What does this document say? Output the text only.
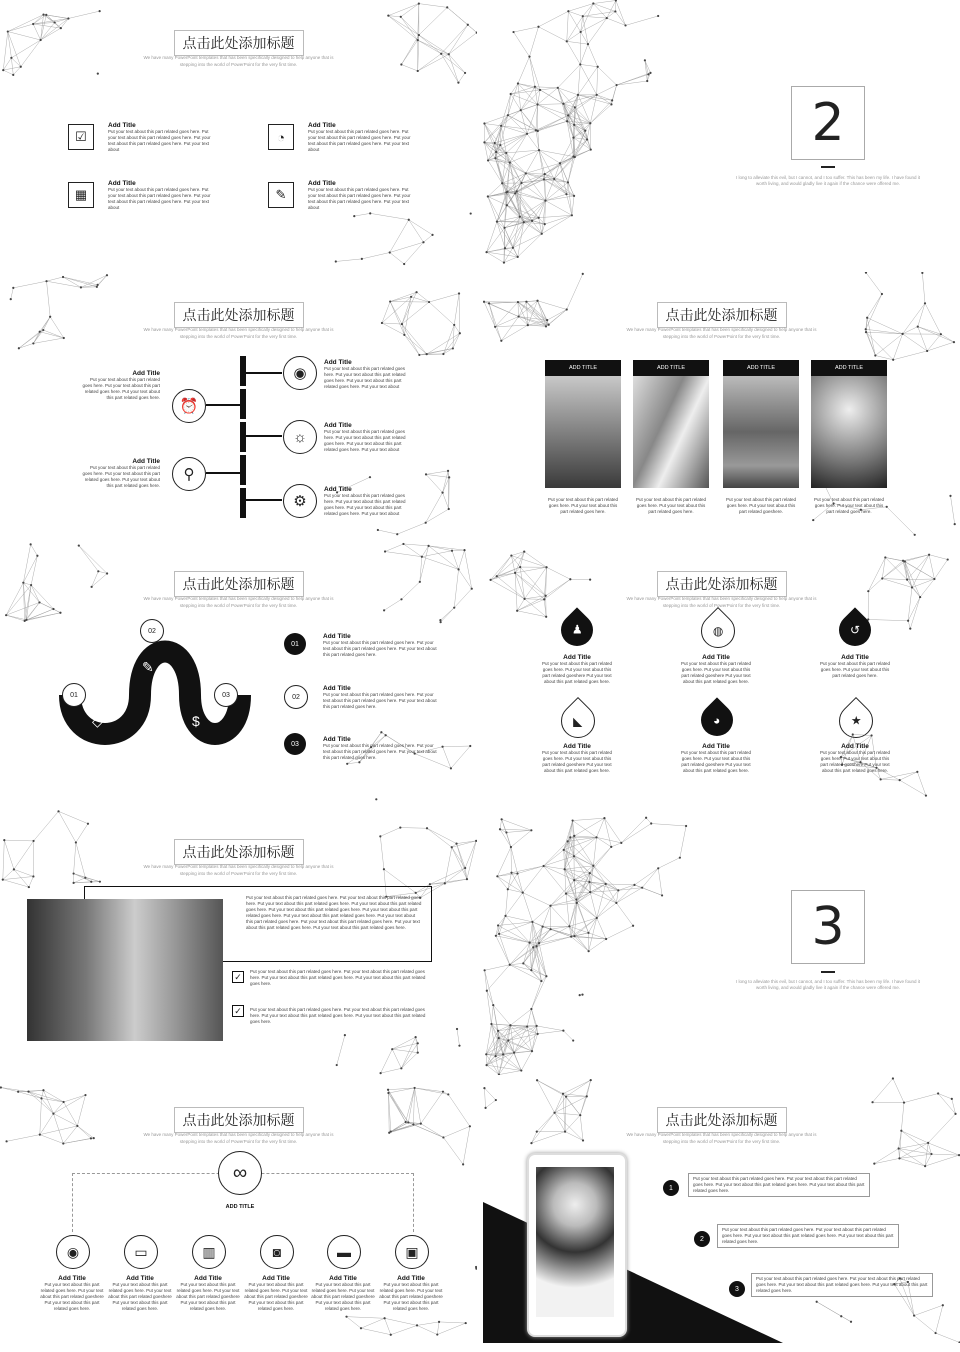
点击此处添加标题
We have many PowerPoint templates that has been specifically designed to help anyone that is stepping into the world of PowerPoint for the very first time.
☑
Add Title
Put your text about this part related goes here. Put your text about this part related goes here. Put your text about this part related goes here. Put your text about
◔
Add Title
Put your text about this part related goes here. Put your text about this part related goes here. Put your text about this part related goes here. Put your text about
▦
Add Title
Put your text about this part related goes here. Put your text about this part related goes here. Put your text about this part related goes here. Put your text about
✎
Add Title
Put your text about this part related goes here. Put your text about this part related goes here. Put your text about this part related goes here. Put your text about
2
I long to alleviate this evil, but I cannot, and I too suffer. This has been my life. I have found it worth living, and would gladly live it again if the chance were offered me.
点击此处添加标题
We have many PowerPoint templates that has been specifically designed to help anyone that is stepping into the world of PowerPoint for the very first time.
⏰
⚲
◉
☼
⚙
Add Title
Put your text about this part related goes here. Put your text about this part related goes here. Put your text about this part related goes here.
Add Title
Put your text about this part related goes here. Put your text about this part related goes here. Put your text about this part related goes here.
Add Title
Put your text about this part related goes here. Put your text about this part related goes here. Put your text about this part related goes here. Put your text about
Add Title
Put your text about this part related goes here. Put your text about this part related goes here. Put your text about this part related goes here. Put your text about
Add Title
Put your text about this part related goes here. Put your text about this part related goes here. Put your text about this part related goes here. Put your text about
点击此处添加标题
We have many PowerPoint templates that has been specifically designed to help anyone that is stepping into the world of PowerPoint for the very first time.
ADD TITLE
Put your text about this part related goes here. Put your text about this part related goes here.
ADD TITLE
Put your text about this part related goes here. Put your text about this part related goes here.
ADD TITLE
Put your text about this part related goes here. Put your text about this part related goeshere.
ADD TITLE
Put your text about this part related goes here. Put your text about this part related goes here.
点击此处添加标题
We have many PowerPoint templates that has been specifically designed to help anyone that is stepping into the world of PowerPoint for the very first time.
02
01	03
✎
◇	$
01
Add Title
Put your text about this part related goes here. Put your text about this part related goes here. Put your text about this part related goes here.
02
Add Title
Put your text about this part related goes here. Put your text about this part related goes here. Put your text about this part related goes here.
03
Add Title
Put your text about this part related goes here. Put your text about this part related goes here. Put your text about this part related goes here.
点击此处添加标题
We have many PowerPoint templates that has been specifically designed to help anyone that is stepping into the world of PowerPoint for the very first time.
♟	◍	↺
◣	◕	★
Add Title
Put your text about this part related goes here. Put your text about this part related goeshere Put your text about this part related goes here.
Add Title
Put your text about this part related goes here. Put your text about this part related goeshere Put your text about this part related goes here.
Add Title
Put your text about this part related goes here. Put your text about this part related goes here.
Add Title
Put your text about this part related goes here. Put your text about this part related goeshere Put your text about this part related goes here.
Add Title
Put your text about this part related goes here. Put your text about this part related goeshere Put your text about this part related goes here.
Add Title
Put your text about this part related goes here. Put your text about this part related goeshere Put your text about this part related goes here.
点击此处添加标题
We have many PowerPoint templates that has been specifically designed to help anyone that is stepping into the world of PowerPoint for the very first time.
Put your text about this part related goes here. Put your text about this part related goes here. Put your text about this part related goes here. Put your text about this part related goes here. Put your text about this part related goes here. Put your text about this part related goes here. Put your text about this part related goes here. Put your text about this part related goes here. Put your text about this part related goes here. Put your text about this part related goes here. Put your text about this part related goes here.
✓
Put your text about this part related goes here. Put your text about this part related goes here. Put your text about this part related goes here. Put your text about this part related goes here.
✓	Put your text about this part related goes here. Put your text about this part related goes here. Put your text about this part related goes here. Put your text about this part related goes here.
3
I long to alleviate this evil, but I cannot, and I too suffer. This has been my life. I have found it worth living, and would gladly live it again if the chance were offered me.
点击此处添加标题
We have many PowerPoint templates that has been specifically designed to help anyone that is stepping into the world of PowerPoint for the very first time.
∞
ADD TITLE
◉	▭	▥	◙	▬	▣
Add Title
Put your text about this part related goes here. Put your text about this part related goeshere Put your text about this part related goes here.
Add Title
Put your text about this part related goes here. Put your text about this part related goeshere Put your text about this part related goes here.
Add Title
Put your text about this part related goes here. Put your text about this part related goeshere Put your text about this part related goes here.
Add Title
Put your text about this part related goes here. Put your text about this part related goeshere Put your text about this part related goes here.
Add Title
Put your text about this part related goes here. Put your text about this part related goeshere Put your text about this part related goes here.
Add Title
Put your text about this part related goes here. Put your text about this part related goeshere Put your text about this part related goes here.
点击此处添加标题
We have many PowerPoint templates that has been specifically designed to help anyone that is stepping into the world of PowerPoint for the very first time.
1
Put your text about this part related goes here. Put your text about this part related goes here. Put your text about this part related goes here. Put your text about this part related goes here.
2
Put your text about this part related goes here. Put your text about this part related goes here. Put your text about this part related goes here. Put your text about this part related goes here.
3
Put your text about this part related goes here. Put your text about this part related goes here. Put your text about this part related goes here. Put your text about this part related goes here.
